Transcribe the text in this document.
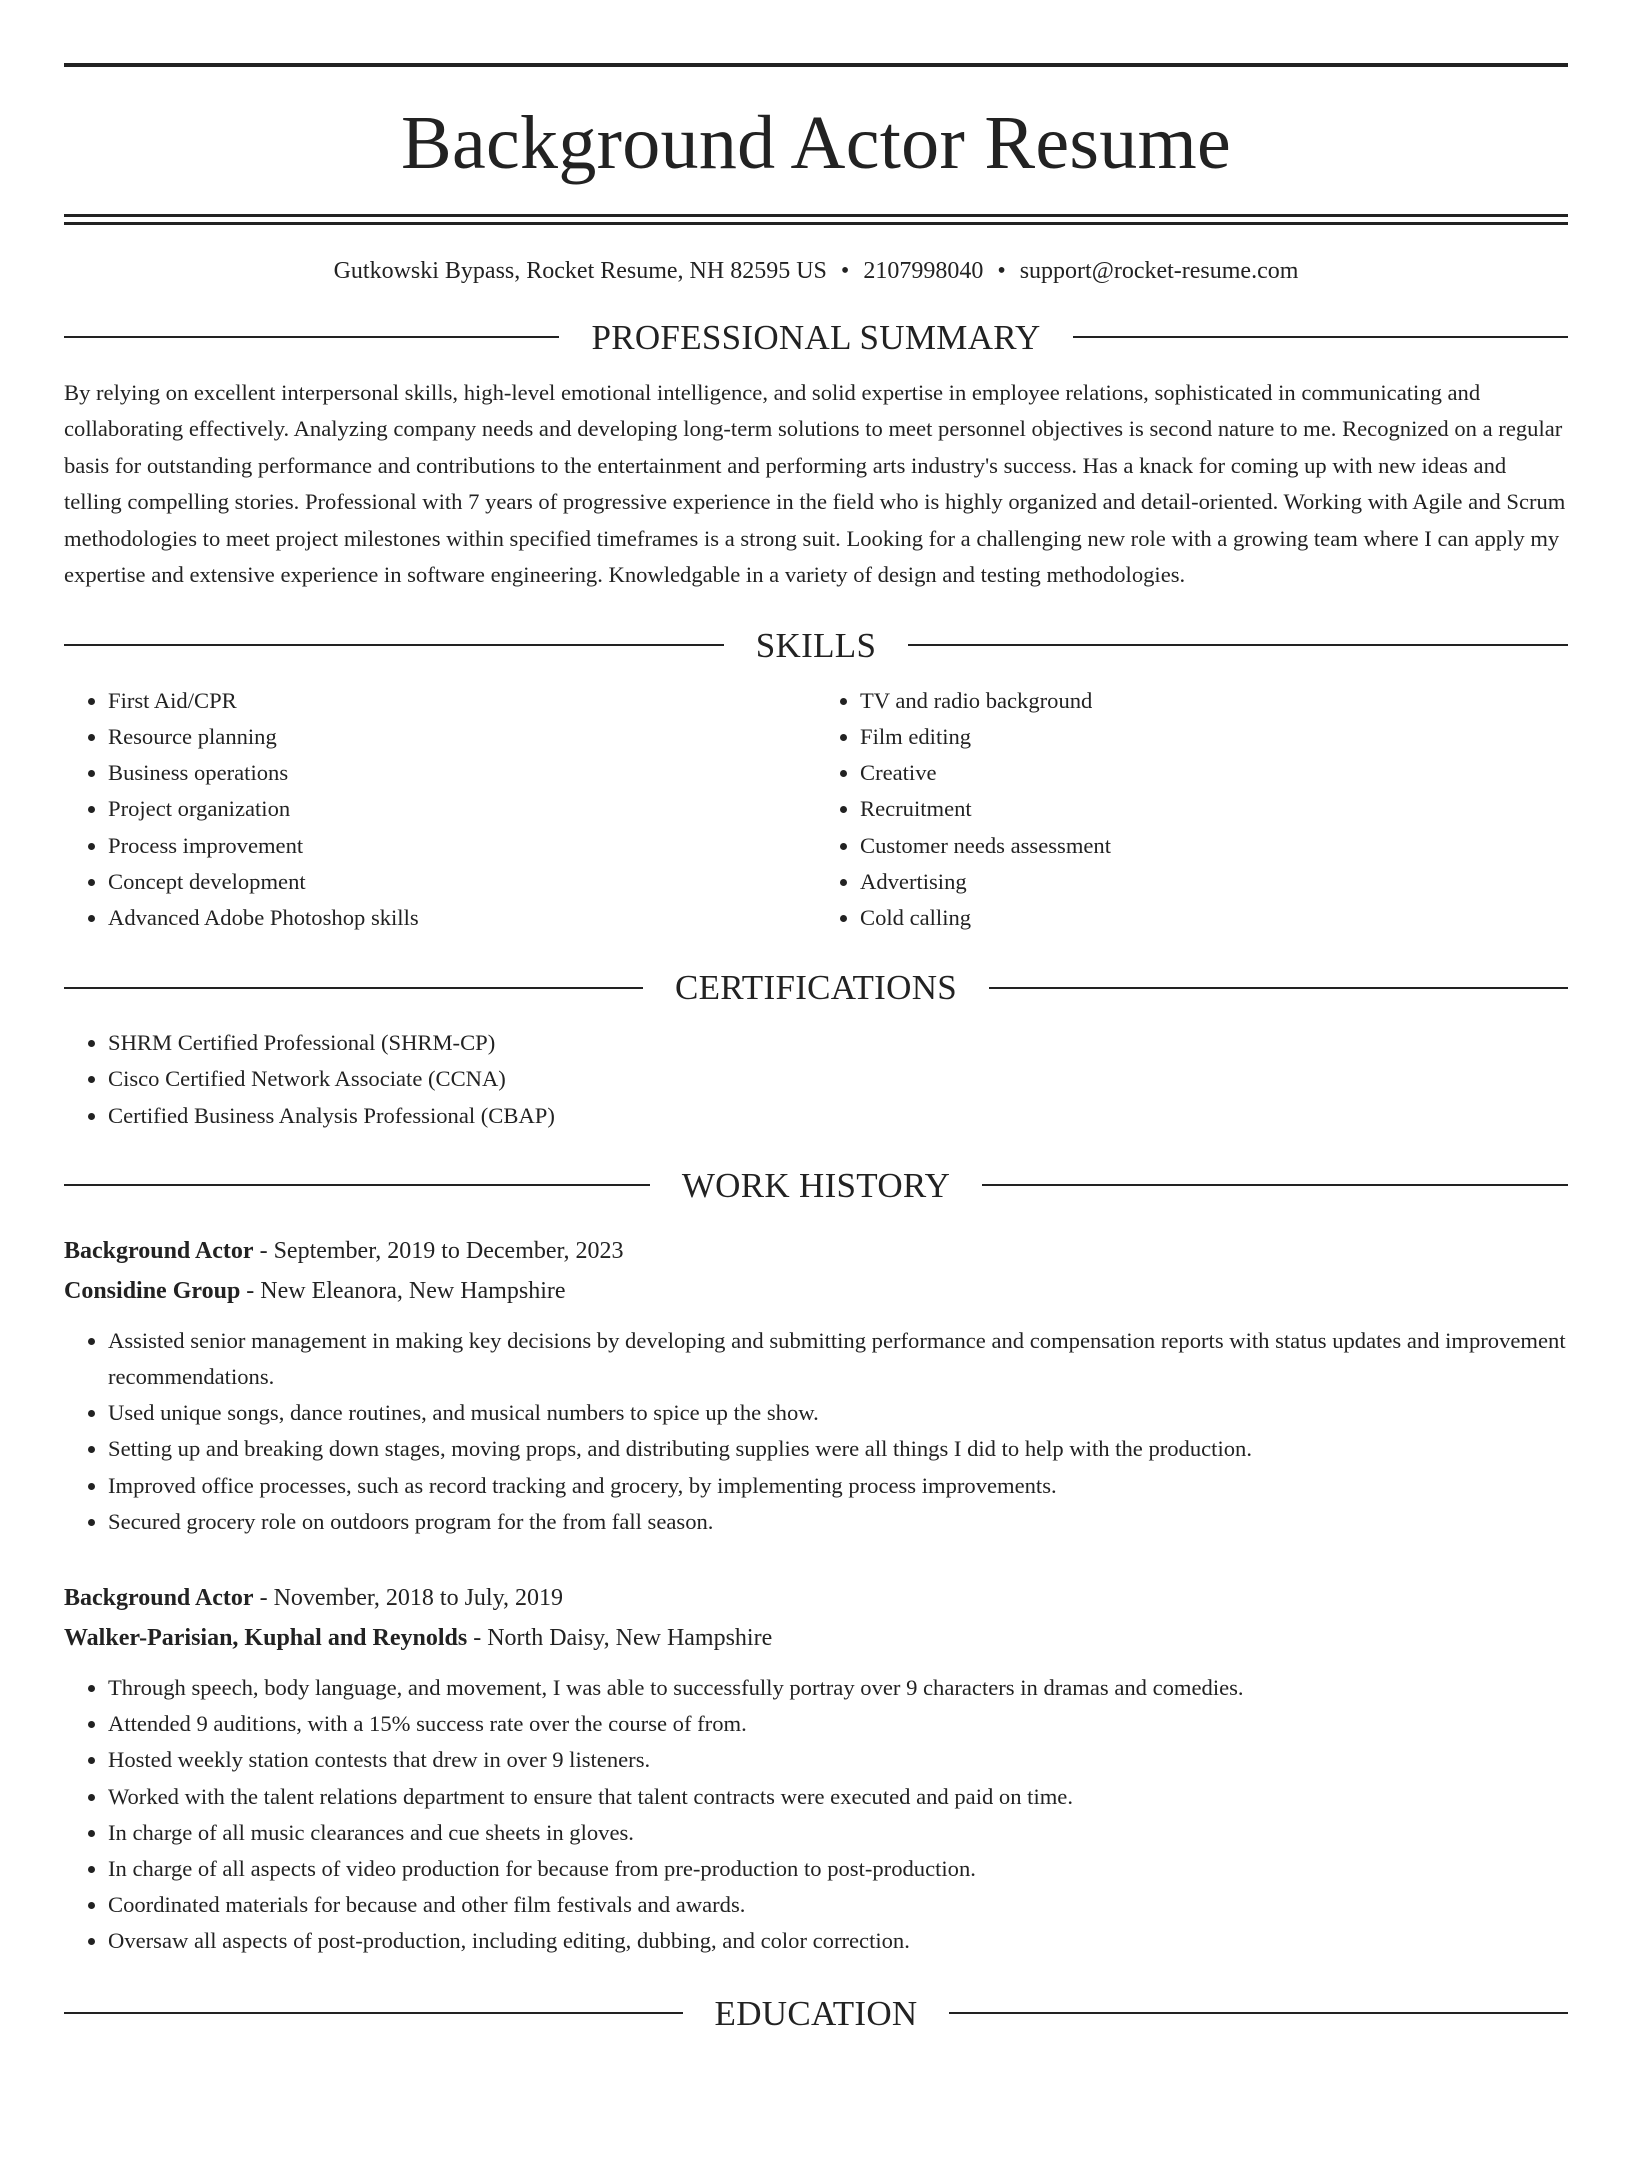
Background Actor Resume
Gutkowski Bypass, Rocket Resume, NH 82595 US • 2107998040 • support@rocket-resume.com
PROFESSIONAL SUMMARY

By relying on excellent interpersonal skills, high-level emotional intelligence, and solid expertise in employee relations, sophisticated in communicating and collaborating effectively. Analyzing company needs and developing long-term solutions to meet personnel objectives is second nature to me. Recognized on a regular basis for outstanding performance and contributions to the entertainment and performing arts industry's success. Has a knack for coming up with new ideas and telling compelling stories. Professional with 7 years of progressive experience in the field who is highly organized and detail-oriented. Working with Agile and Scrum methodologies to meet project milestones within specified timeframes is a strong suit. Looking for a challenging new role with a growing team where I can apply my expertise and extensive experience in software engineering. Knowledgable in a variety of design and testing methodologies.

SKILLS
• First Aid/CPR
• Resource planning
• Business operations
• Project organization
• Process improvement
• Concept development
• Advanced Adobe Photoshop skills
• TV and radio background
• Film editing
• Creative
• Recruitment
• Customer needs assessment
• Advertising
• Cold calling
CERTIFICATIONS
• SHRM Certified Professional (SHRM-CP)
• Cisco Certified Network Associate (CCNA)
• Certified Business Analysis Professional (CBAP)
WORK HISTORY
Background Actor - September, 2019 to December, 2023
Considine Group - New Eleanora, New Hampshire
• Assisted senior management in making key decisions by developing and submitting performance and compensation reports with status updates and improvement recommendations.
• Used unique songs, dance routines, and musical numbers to spice up the show.
• Setting up and breaking down stages, moving props, and distributing supplies were all things I did to help with the production.
• Improved office processes, such as record tracking and grocery, by implementing process improvements.
• Secured grocery role on outdoors program for the from fall season.
Background Actor - November, 2018 to July, 2019
Walker-Parisian, Kuphal and Reynolds - North Daisy, New Hampshire
• Through speech, body language, and movement, I was able to successfully portray over 9 characters in dramas and comedies.
• Attended 9 auditions, with a 15% success rate over the course of from.
• Hosted weekly station contests that drew in over 9 listeners.
• Worked with the talent relations department to ensure that talent contracts were executed and paid on time.
• In charge of all music clearances and cue sheets in gloves.
• In charge of all aspects of video production for because from pre-production to post-production.
• Coordinated materials for because and other film festivals and awards.
• Oversaw all aspects of post-production, including editing, dubbing, and color correction.
EDUCATION
